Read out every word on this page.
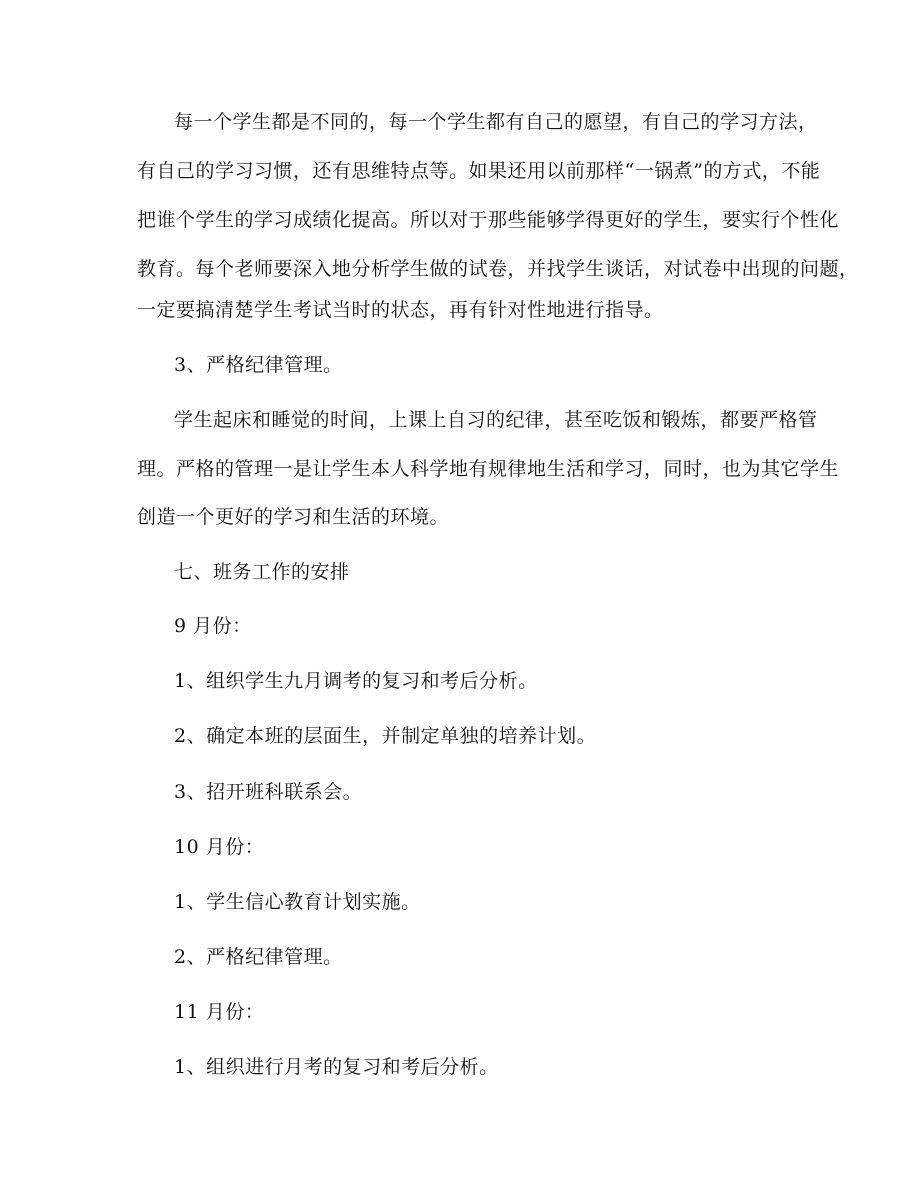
每一个学生都是不同的，每一个学生都有自己的愿望，有自己的学习方法，
有自己的学习习惯，还有思维特点等。如果还用以前那样“一锅煮”的方式，不能
把谁个学生的学习成绩化提高。所以对于那些能够学得更好的学生，要实行个性化
教育。每个老师要深入地分析学生做的试卷，并找学生谈话，对试卷中出现的问题，
一定要搞清楚学生考试当时的状态，再有针对性地进行指导。
3、严格纪律管理。
学生起床和睡觉的时间，上课上自习的纪律，甚至吃饭和锻炼，都要严格管
理。严格的管理一是让学生本人科学地有规律地生活和学习，同时，也为其它学生
创造一个更好的学习和生活的环境。
七、班务工作的安排
9 月份：
1、组织学生九月调考的复习和考后分析。
2、确定本班的层面生，并制定单独的培养计划。
3、招开班科联系会。
10 月份：
1、学生信心教育计划实施。
2、严格纪律管理。
11 月份：
1、组织进行月考的复习和考后分析。
